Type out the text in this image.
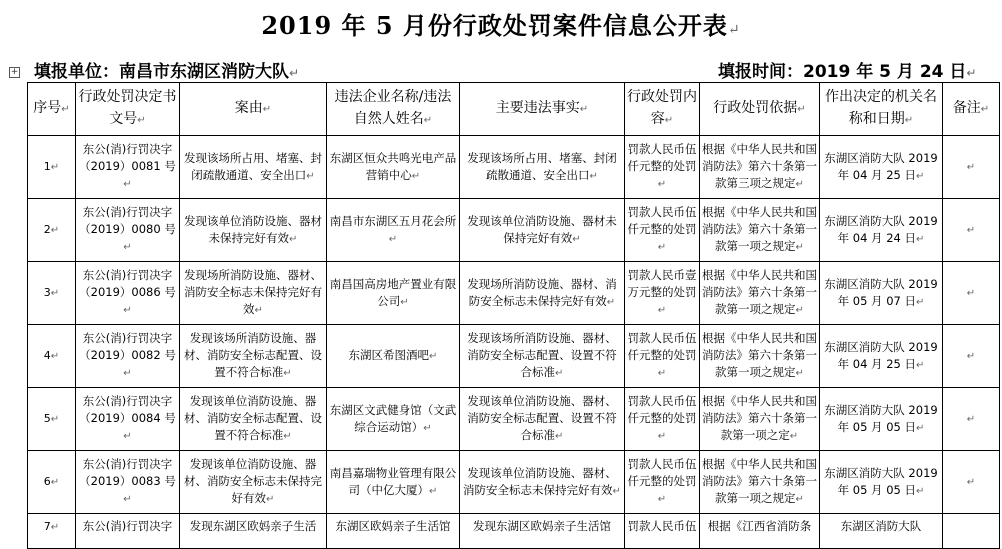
2019 年 5 月份行政处罚案件信息公开表↵
+ 填报单位：南昌市东湖区消防大队↵	填报时间：2019 年 5 月 24 日↵
序号↵	行政处罚决定书文号↵	案由↵	违法企业名称/违法自然人姓名↵	主要违法事实↵	行政处罚内容↵	行政处罚依据↵	作出决定的机关名称和日期↵	备注↵
1↵	东公(消)行罚决字（2019）0081 号↵	发现该场所占用、堵塞、封闭疏散通道、安全出口↵	东湖区恒众共鸣光电产品营销中心↵	发现该场所占用、堵塞、封闭疏散通道、安全出口↵	罚款人民币伍仟元整的处罚↵	根据《中华人民共和国消防法》第六十条第一款第三项之规定↵	东湖区消防大队 2019 年 04 月 25 日↵	↵
2↵	东公(消)行罚决字（2019）0080 号↵	发现该单位消防设施、器材未保持完好有效↵	南昌市东湖区五月花会所↵	发现该单位消防设施、器材未保持完好有效↵	罚款人民币伍仟元整的处罚↵	根据《中华人民共和国消防法》第六十条第一款第一项之规定↵	东湖区消防大队 2019 年 04 月 24 日↵	↵
3↵	东公(消)行罚决字（2019）0086 号↵	发现场所消防设施、器材、消防安全标志未保持完好有效↵	南昌国高房地产置业有限公司↵	发现场所消防设施、器材、消防安全标志未保持完好有效↵	罚款人民币壹万元整的处罚↵	根据《中华人民共和国消防法》第六十条第一款第一项之规定↵	东湖区消防大队 2019 年 05 月 07 日↵	↵
4↵	东公(消)行罚决字（2019）0082 号↵	发现该场所消防设施、器材、消防安全标志配置、设置不符合标准↵	东湖区希图酒吧↵	发现该场所消防设施、器材、消防安全标志配置、设置不符合标准↵	罚款人民币伍仟元整的处罚↵	根据《中华人民共和国消防法》第六十条第一款第一项之规定↵	东湖区消防大队 2019 年 04 月 25 日↵	↵
5↵	东公(消)行罚决字（2019）0084 号↵	发现该单位消防设施、器材、消防安全标志配置、设置不符合标准↵	东湖区文武健身馆（文武综合运动馆）↵	发现该单位消防设施、器材、消防安全标志配置、设置不符合标准↵	罚款人民币伍仟元整的处罚↵	根据《中华人民共和国消防法》第六十条第一款第一项之定↵	东湖区消防大队 2019 年 05 月 05 日↵	↵
6↵	东公(消)行罚决字（2019）0083 号↵	发现该单位消防设施、器材、消防安全标志未保持完好有效↵	南昌嘉瑞物业管理有限公司（中亿大厦）↵	发现该单位消防设施、器材、消防安全标志未保持完好有效↵	罚款人民币伍仟元整的处罚↵	根据《中华人民共和国消防法》第六十条第一款第一项之规定↵	东湖区消防大队 2019 年 05 月 05 日↵	↵
7↵	东公(消)行罚决字	发现东湖区欧妈亲子生活	东湖区欧妈亲子生活馆	发现东湖区欧妈亲子生活馆	罚款人民币伍	根据《江西省消防条	东湖区消防大队	
